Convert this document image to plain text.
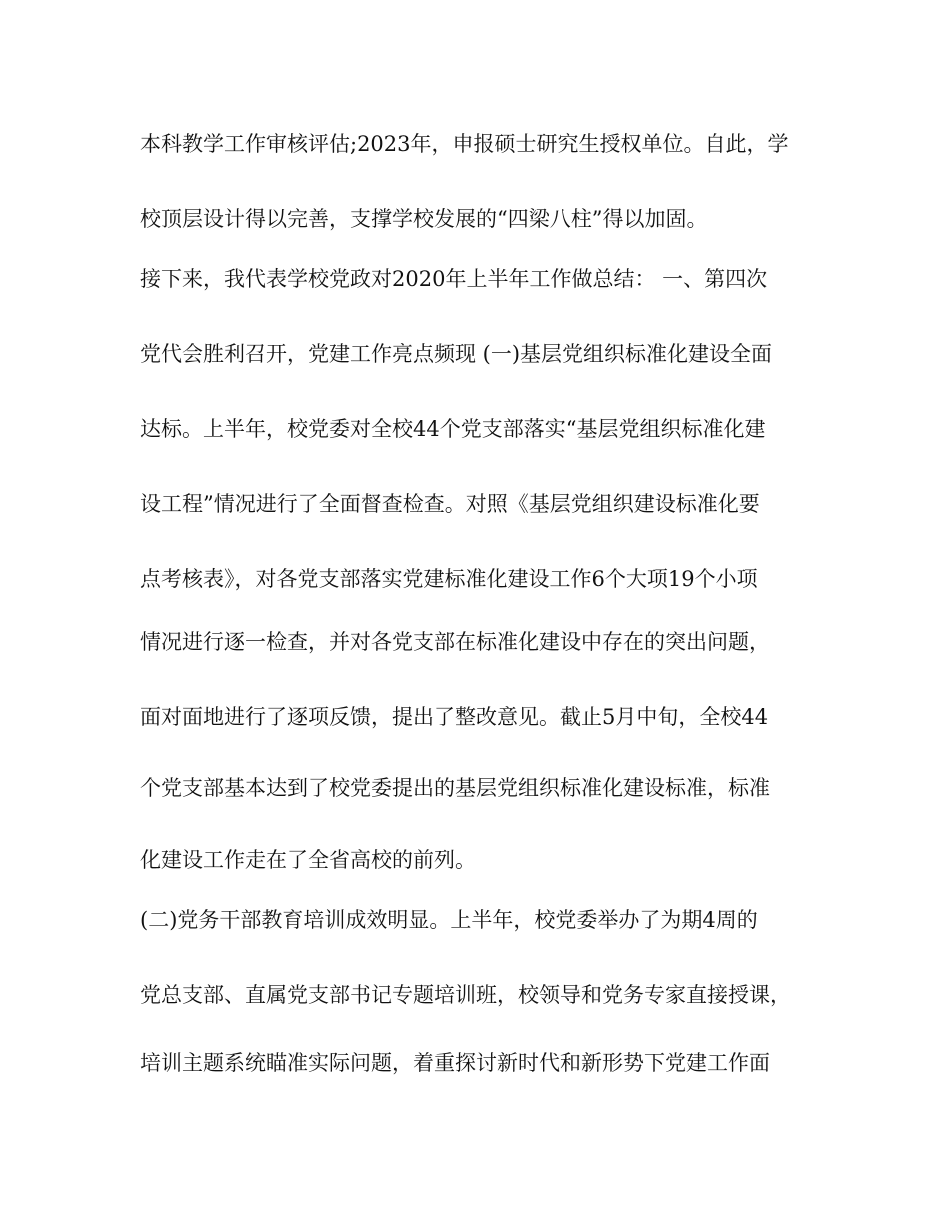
本科教学工作审核评估;2023年，申报硕士研究生授权单位。自此，学
校顶层设计得以完善，支撑学校发展的“四梁八柱”得以加固。
接下来，我代表学校党政对2020年上半年工作做总结： 一、第四次
党代会胜利召开，党建工作亮点频现 (一)基层党组织标准化建设全面
达标。上半年，校党委对全校44个党支部落实“基层党组织标准化建
设工程”情况进行了全面督查检查。对照《基层党组织建设标准化要
点考核表》，对各党支部落实党建标准化建设工作6个大项19个小项
情况进行逐一检查，并对各党支部在标准化建设中存在的突出问题，
面对面地进行了逐项反馈，提出了整改意见。截止5月中旬，全校44
个党支部基本达到了校党委提出的基层党组织标准化建设标准，标准
化建设工作走在了全省高校的前列。
(二)党务干部教育培训成效明显。上半年，校党委举办了为期4周的
党总支部、直属党支部书记专题培训班，校领导和党务专家直接授课，
培训主题系统瞄准实际问题，着重探讨新时代和新形势下党建工作面
